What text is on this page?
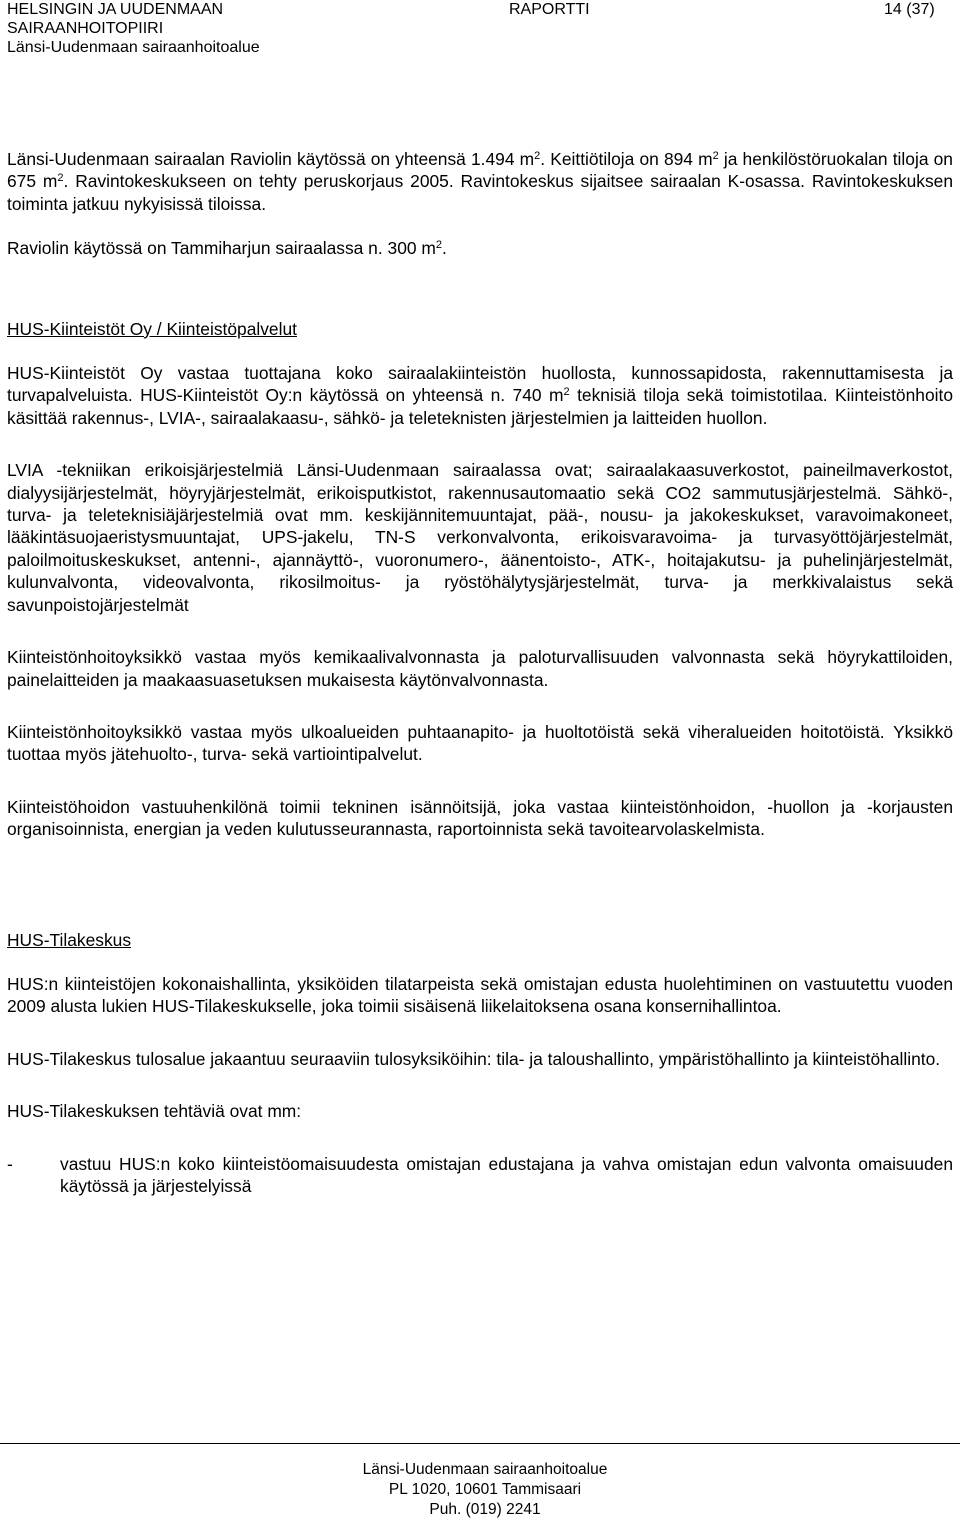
HELSINGIN JA UUDENMAAN
SAIRAANHOITOPIIRI
Länsi-Uudenmaan sairaanhoitoalue
RAPORTTI	14 (37)

Länsi-Uudenmaan sairaalan Raviolin käytössä on yhteensä 1.494 $m^2$. Keittiötiloja on 894 $m^2$ ja henkilöstöruokalan tiloja on 675 $m^2$. Ravintokeskukseen on tehty peruskorjaus 2005. Ravintokeskus sijaitsee sairaalan K-osassa. Ravintokeskuksen toiminta jatkuu nykyisissä tiloissa.

Raviolin käytössä on Tammiharjun sairaalassa n. 300 $m^2$.

HUS-Kiinteistöt Oy / Kiinteistöpalvelut

HUS-Kiinteistöt Oy vastaa tuottajana koko sairaalakiinteistön huollosta, kunnossapidosta, rakennuttamisesta ja turvapalveluista. HUS-Kiinteistöt Oy:n käytössä on yhteensä n. 740 $m^2$ teknisiä tiloja sekä toimistotilaa. Kiinteistönhoito käsittää rakennus-, LVIA-, sairaalakaasu-, sähkö- ja teleteknisten järjestelmien ja laitteiden huollon.

LVIA -tekniikan erikoisjärjestelmiä Länsi-Uudenmaan sairaalassa ovat; sairaalakaasuverkostot, paineilmaverkostot, dialyysijärjestelmät, höyryjärjestelmät, erikoisputkistot, rakennusautomaatio sekä CO2 sammutusjärjestelmä. Sähkö-, turva- ja teleteknisiäjärjestelmiä ovat mm. keskijännitemuuntajat, pää-, nousu- ja jakokeskukset, varavoimakoneet, lääkintäsuojaeristysmuuntajat, UPS-jakelu, TN-S verkonvalvonta, erikoisvaravoima- ja turvasyöttöjärjestelmät, paloilmoituskeskukset, antenni-, ajannäyttö-, vuoronumero-, äänentoisto-, ATK-, hoitajakutsu- ja puhelinjärjestelmät, kulunvalvonta, videovalvonta, rikosilmoitus- ja ryöstöhälytysjärjestelmät, turva- ja merkkivalaistus sekä savunpoistojärjestelmät

Kiinteistönhoitoyksikkö vastaa myös kemikaalivalvonnasta ja paloturvallisuuden valvonnasta sekä höyrykattiloiden, painelaitteiden ja maakaasuasetuksen mukaisesta käytönvalvonnasta.

Kiinteistönhoitoyksikkö vastaa myös ulkoalueiden puhtaanapito- ja huoltotöistä sekä viheralueiden hoitotöistä. Yksikkö tuottaa myös jätehuolto-, turva- sekä vartiointipalvelut.

Kiinteistöhoidon vastuuhenkilönä toimii tekninen isännöitsijä, joka vastaa kiinteistönhoidon, -huollon ja -korjausten organisoinnista, energian ja veden kulutusseurannasta, raportoinnista sekä tavoitearvolaskelmista.

HUS-Tilakeskus

HUS:n kiinteistöjen kokonaishallinta, yksiköiden tilatarpeista sekä omistajan edusta huolehtiminen on vastuutettu vuoden 2009 alusta lukien HUS-Tilakeskukselle, joka toimii sisäisenä liikelaitoksena osana konsernihallintoa.

HUS-Tilakeskus tulosalue jakaantuu seuraaviin tulosyksiköihin: tila- ja taloushallinto, ympäristöhallinto ja kiinteistöhallinto.

HUS-Tilakeskuksen tehtäviä ovat mm:

-	vastuu HUS:n koko kiinteistöomaisuudesta omistajan edustajana ja vahva omistajan edun valvonta omaisuuden käytössä ja järjestelyissä
Länsi-Uudenmaan sairaanhoitoalue
PL 1020, 10601 Tammisaari
Puh. (019) 2241
